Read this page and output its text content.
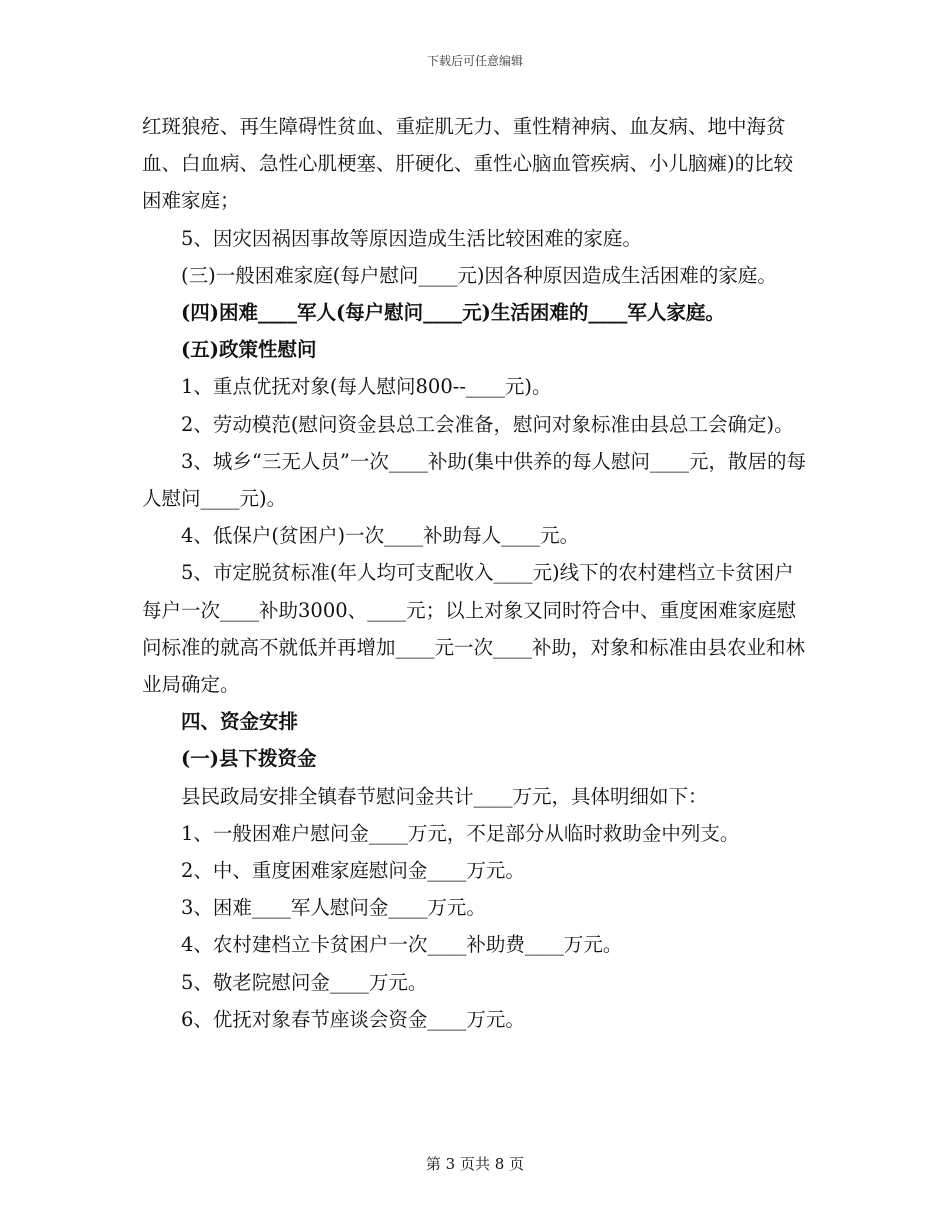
下载后可任意编辑

红斑狼疮、再生障碍性贫血、重症肌无力、重性精神病、血友病、地中海贫血、白血病、急性心肌梗塞、肝硬化、重性心脑血管疾病、小儿脑瘫)的比较困难家庭；

5、因灾因祸因事故等原因造成生活比较困难的家庭。

(三)一般困难家庭(每户慰问____元)因各种原因造成生活困难的家庭。

(四)困难____军人(每户慰问____元)生活困难的____军人家庭。

(五)政策性慰问

1、重点优抚对象(每人慰问800--____元)。

2、劳动模范(慰问资金县总工会准备，慰问对象标准由县总工会确定)。

3、城乡“三无人员”一次____补助(集中供养的每人慰问____元，散居的每人慰问____元)。

4、低保户(贫困户)一次____补助每人____元。

5、市定脱贫标准(年人均可支配收入____元)线下的农村建档立卡贫困户每户一次____补助3000、____元；以上对象又同时符合中、重度困难家庭慰问标准的就高不就低并再增加____元一次____补助，对象和标准由县农业和林业局确定。

四、资金安排

(一)县下拨资金

县民政局安排全镇春节慰问金共计____万元，具体明细如下：

1、一般困难户慰问金____万元，不足部分从临时救助金中列支。

2、中、重度困难家庭慰问金____万元。

3、困难____军人慰问金____万元。

4、农村建档立卡贫困户一次____补助费____万元。

5、敬老院慰问金____万元。

6、优抚对象春节座谈会资金____万元。

第 3 页共 8 页
